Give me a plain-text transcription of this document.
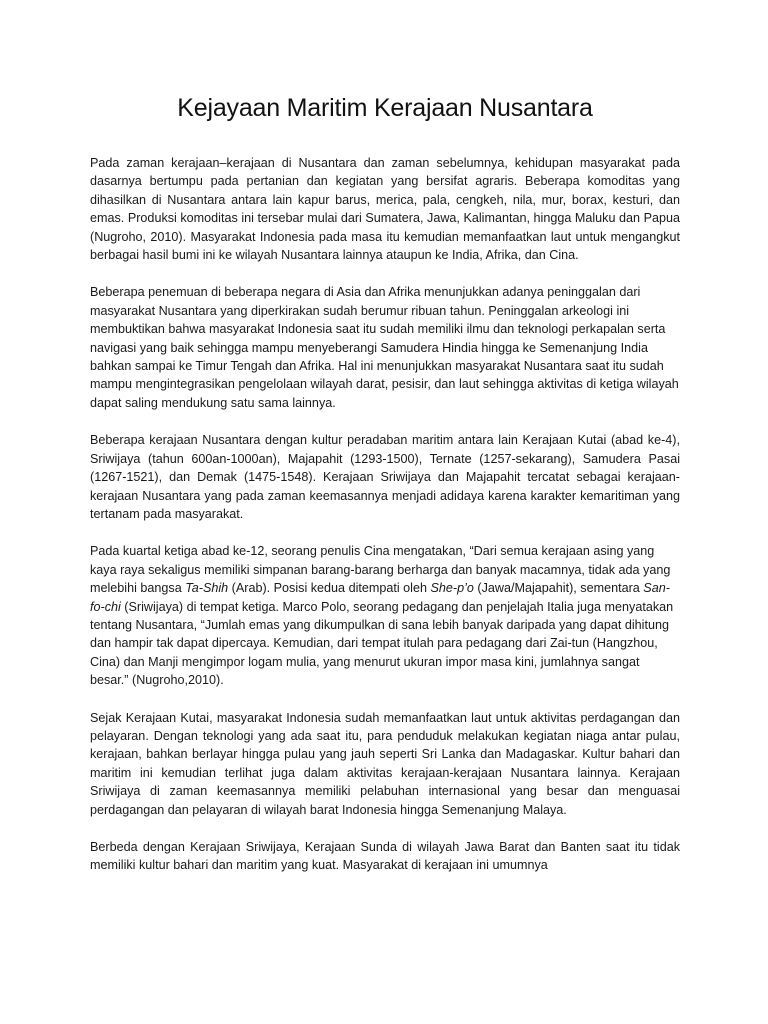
Kejayaan Maritim Kerajaan Nusantara

Pada zaman kerajaan–kerajaan di Nusantara dan zaman sebelumnya, kehidupan masyarakat pada dasarnya bertumpu pada pertanian dan kegiatan yang bersifat agraris. Beberapa komoditas yang dihasilkan di Nusantara antara lain kapur barus, merica, pala, cengkeh, nila, mur, borax, kesturi, dan emas. Produksi komoditas ini tersebar mulai dari Sumatera, Jawa, Kalimantan, hingga Maluku dan Papua (Nugroho, 2010). Masyarakat Indonesia pada masa itu kemudian memanfaatkan laut untuk mengangkut berbagai hasil bumi ini ke wilayah Nusantara lainnya ataupun ke India, Afrika, dan Cina.

Beberapa penemuan di beberapa negara di Asia dan Afrika menunjukkan adanya peninggalan dari masyarakat Nusantara yang diperkirakan sudah berumur ribuan tahun. Peninggalan arkeologi ini membuktikan bahwa masyarakat Indonesia saat itu sudah memiliki ilmu dan teknologi perkapalan serta navigasi yang baik sehingga mampu menyeberangi Samudera Hindia hingga ke Semenanjung India bahkan sampai ke Timur Tengah dan Afrika. Hal ini menunjukkan masyarakat Nusantara saat itu sudah mampu mengintegrasikan pengelolaan wilayah darat, pesisir, dan laut sehingga aktivitas di ketiga wilayah dapat saling mendukung satu sama lainnya.

Beberapa kerajaan Nusantara dengan kultur peradaban maritim antara lain Kerajaan Kutai (abad ke-4), Sriwijaya (tahun 600an-1000an), Majapahit (1293-1500), Ternate (1257-sekarang), Samudera Pasai (1267-1521), dan Demak (1475-1548). Kerajaan Sriwijaya dan Majapahit tercatat sebagai kerajaan-kerajaan Nusantara yang pada zaman keemasannya menjadi adidaya karena karakter kemaritiman yang tertanam pada masyarakat.

Pada kuartal ketiga abad ke-12, seorang penulis Cina mengatakan, “Dari semua kerajaan asing yang kaya raya sekaligus memiliki simpanan barang-barang berharga dan banyak macamnya, tidak ada yang melebihi bangsa Ta-Shih (Arab). Posisi kedua ditempati oleh She-p’o (Jawa/Majapahit), sementara San-fo-chi (Sriwijaya) di tempat ketiga. Marco Polo, seorang pedagang dan penjelajah Italia juga menyatakan tentang Nusantara, “Jumlah emas yang dikumpulkan di sana lebih banyak daripada yang dapat dihitung dan hampir tak dapat dipercaya. Kemudian, dari tempat itulah para pedagang dari Zai-tun (Hangzhou, Cina) dan Manji mengimpor logam mulia, yang menurut ukuran impor masa kini, jumlahnya sangat besar.” (Nugroho,2010).

Sejak Kerajaan Kutai, masyarakat Indonesia sudah memanfaatkan laut untuk aktivitas perdagangan dan pelayaran. Dengan teknologi yang ada saat itu, para penduduk melakukan kegiatan niaga antar pulau, kerajaan, bahkan berlayar hingga pulau yang jauh seperti Sri Lanka dan Madagaskar. Kultur bahari dan maritim ini kemudian terlihat juga dalam aktivitas kerajaan-kerajaan Nusantara lainnya. Kerajaan Sriwijaya di zaman keemasannya memiliki pelabuhan internasional yang besar dan menguasai perdagangan dan pelayaran di wilayah barat Indonesia hingga Semenanjung Malaya.

Berbeda dengan Kerajaan Sriwijaya, Kerajaan Sunda di wilayah Jawa Barat dan Banten saat itu tidak memiliki kultur bahari dan maritim yang kuat. Masyarakat di kerajaan ini umumnya
